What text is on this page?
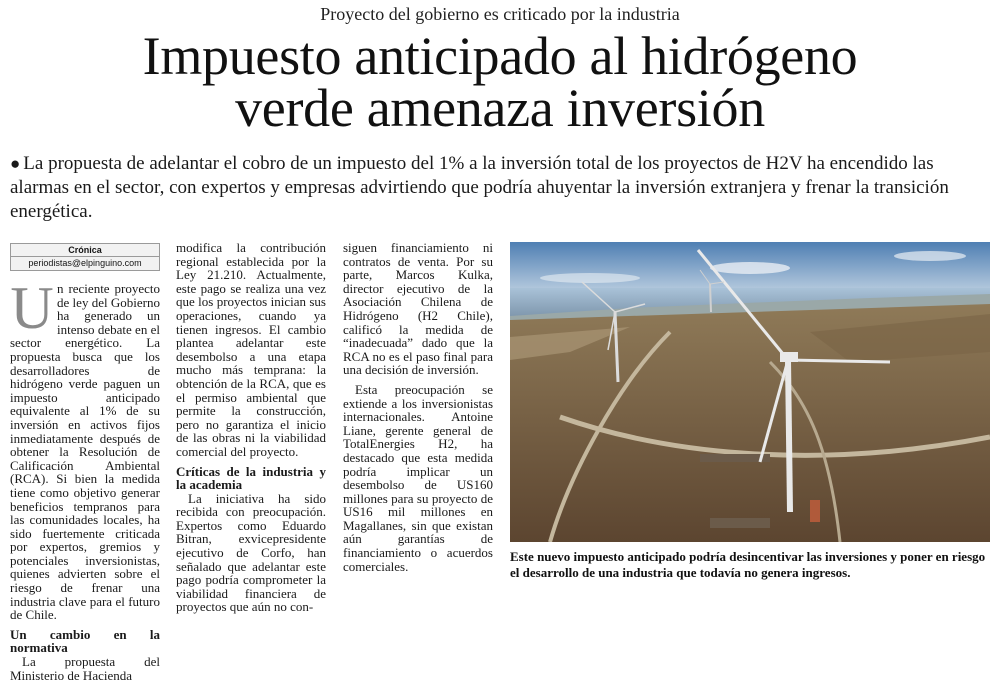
Proyecto del gobierno es criticado por la industria
Impuesto anticipado al hidrógeno
verde amenaza inversión
● La propuesta de adelantar el cobro de un impuesto del 1% a la inversión total de los proyectos de H2V ha encendido las alarmas en el sector, con expertos y empresas advirtiendo que podría ahuyentar la inversión extranjera y frenar la transición energética.
Crónica
periodistas@elpinguino.com

Un reciente proyecto de ley del Gobierno ha generado un intenso debate en el sector energético. La propuesta busca que los desarrolladores de hidrógeno verde paguen un impuesto anticipado equivalente al 1% de su inversión en activos fijos inmediatamente después de obtener la Resolución de Calificación Ambiental (RCA). Si bien la medida tiene como objetivo generar beneficios tempranos para las comunidades locales, ha sido fuertemente criticada por expertos, gremios y potenciales inversionistas, quienes advierten sobre el riesgo de frenar una industria clave para el futuro de Chile.

Un cambio en la normativa

La propuesta del Ministerio de Hacienda

modifica la contribución regional establecida por la Ley 21.210. Actualmente, este pago se realiza una vez que los proyectos inician sus operaciones, cuando ya tienen ingresos. El cambio plantea adelantar este desembolso a una etapa mucho más temprana: la obtención de la RCA, que es el permiso ambiental que permite la construcción, pero no garantiza el inicio de las obras ni la viabilidad comercial del proyecto.

Críticas de la industria y la academia

La iniciativa ha sido recibida con preocupación. Expertos como Eduardo Bitran, exvicepresidente ejecutivo de Corfo, han señalado que adelantar este pago podría comprometer la viabilidad financiera de proyectos que aún no con-

siguen financiamiento ni contratos de venta. Por su parte, Marcos Kulka, director ejecutivo de la Asociación Chilena de Hidrógeno (H2 Chile), calificó la medida de “inadecuada” dado que la RCA no es el paso final para una decisión de inversión.

Esta preocupación se extiende a los inversionistas internacionales. Antoine Liane, gerente general de TotalEnergies H2, ha destacado que esta medida podría implicar un desembolso de US160 millones para su proyecto de US16 mil millones en Magallanes, sin que existan aún garantías de financiamiento o acuerdos comerciales.

Este nuevo impuesto anticipado podría desincentivar las inversiones y poner en riesgo el desarrollo de una industria que todavía no genera ingresos.
